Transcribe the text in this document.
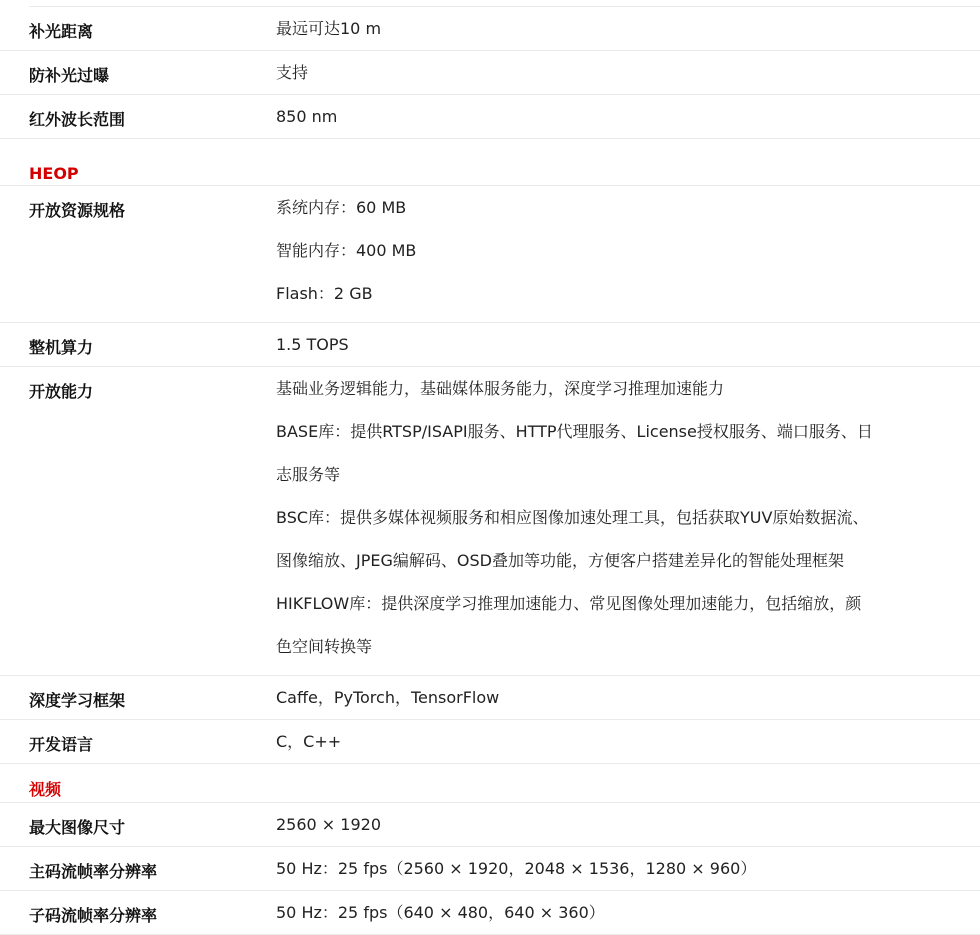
补光距离	最远可达10 m
防补光过曝	支持
红外波长范围	850 nm
HEOP
开放资源规格	系统内存：60 MB
智能内存：400 MB
Flash：2 GB
整机算力	1.5 TOPS
开放能力	基础业务逻辑能力，基础媒体服务能力，深度学习推理加速能力
BASE库：提供RTSP/ISAPI服务、HTTP代理服务、License授权服务、端口服务、日
志服务等
BSC库：提供多媒体视频服务和相应图像加速处理工具，包括获取YUV原始数据流、
图像缩放、JPEG编解码、OSD叠加等功能，方便客户搭建差异化的智能处理框架
HIKFLOW库：提供深度学习推理加速能力、常见图像处理加速能力，包括缩放，颜
色空间转换等
深度学习框架	Caffe，PyTorch，TensorFlow
开发语言	C，C++
视频
最大图像尺寸	2560 × 1920
主码流帧率分辨率	50 Hz：25 fps（2560 × 1920，2048 × 1536，1280 × 960）
子码流帧率分辨率	50 Hz：25 fps（640 × 480，640 × 360）
